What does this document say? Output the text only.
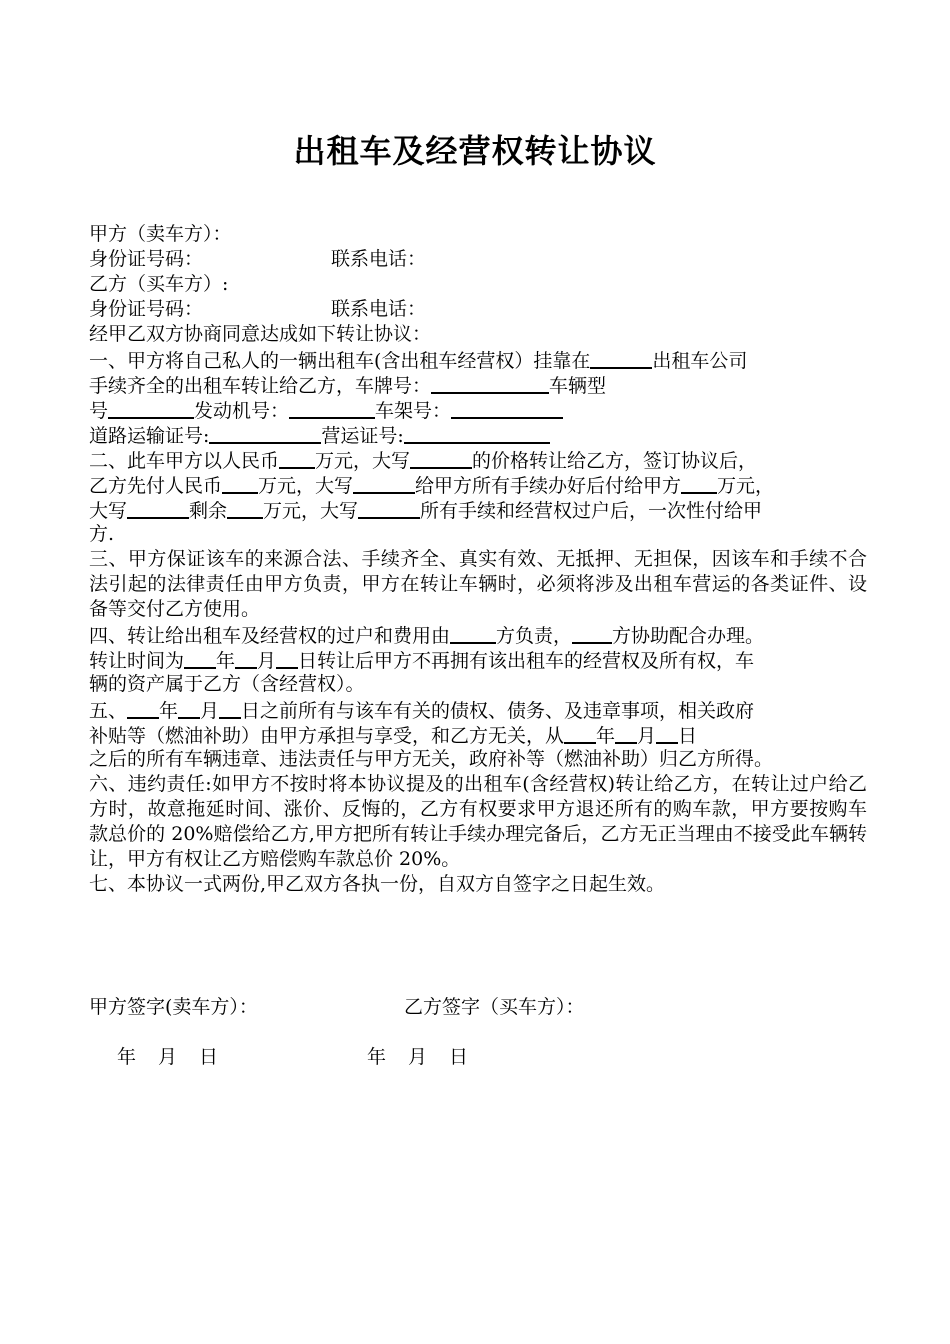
出租车及经营权转让协议
甲方（卖车方）：
身份证号码：	联系电话：
乙方（买车方）:
身份证号码：	联系电话：
经甲乙双方协商同意达成如下转让协议：
一、甲方将自己私人的一辆出租车(含出租车经营权）挂靠在	出租车公司
手续齐全的出租车转让给乙方，车牌号：	车辆型
号	发动机号：	车架号：
道路运输证号:	营运证号:
二、此车甲方以人民币 万元，大写	的价格转让给乙方，签订协议后，
乙方先付人民币 万元，大写	给甲方所有手续办好后付给甲方 万元，
大写	剩余 万元，大写	所有手续和经营权过户后，一次性付给甲
方.
三、甲方保证该车的来源合法、手续齐全、真实有效、无抵押、无担保，因该车和手续不合法引起的法律责任由甲方负责，甲方在转让车辆时，必须将涉及出租车营运的各类证件、设备等交付乙方使用。
四、转让给出租车及经营权的过户和费用由 方负责， 方协助配合办理。
转让时间为 年 月 日转让后甲方不再拥有该出租车的经营权及所有权，车
辆的资产属于乙方（含经营权）。
五、 年 月 日之前所有与该车有关的债权、债务、及违章事项，相关政府
补贴等（燃油补助）由甲方承担与享受，和乙方无关，从 年 月 日
之后的所有车辆违章、违法责任与甲方无关，政府补等（燃油补助）归乙方所得。
六、违约责任:如甲方不按时将本协议提及的出租车(含经营权)转让给乙方，在转让过户给乙方时，故意拖延时间、涨价、反悔的，乙方有权要求甲方退还所有的购车款，甲方要按购车款总价的 20%赔偿给乙方,甲方把所有转让手续办理完备后，乙方无正当理由不接受此车辆转让，甲方有权让乙方赔偿购车款总价 20%。
七、本协议一式两份,甲乙双方各执一份，自双方自签字之日起生效。
甲方签字(卖车方）：	乙方签字（买车方）：
年 月 日	年 月 日
